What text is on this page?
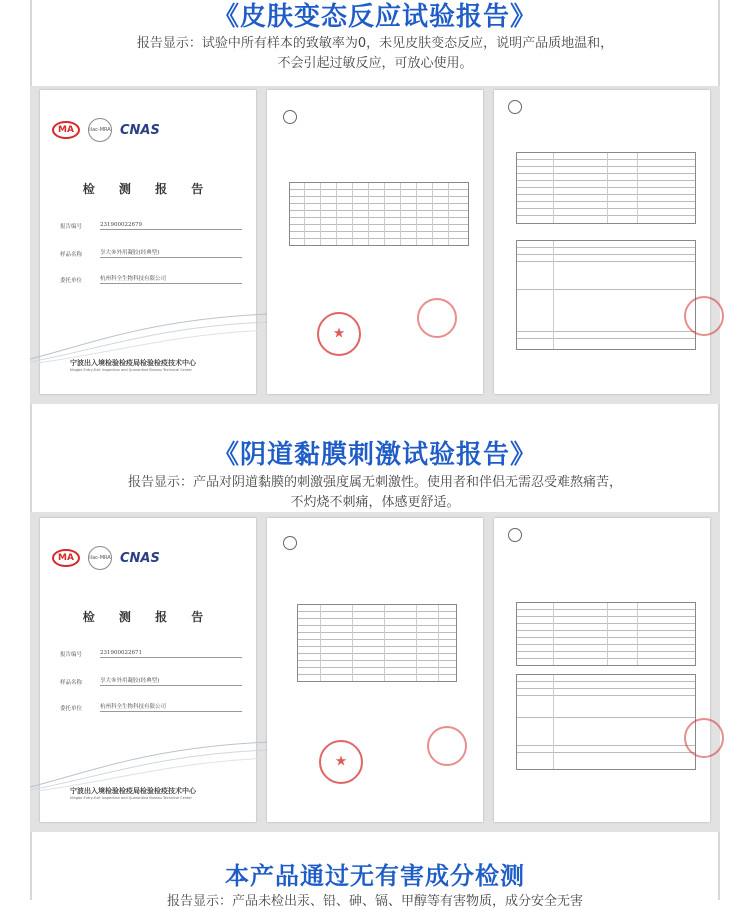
《皮肤变态反应试验报告》
报告显示：试验中所有样本的致敏率为0，未见皮肤变态反应，说明产品质地温和，
不会引起过敏反应，可放心使用。
MA	ilac-MRA CNAS
检 测 报 告
报告编号	231900022679
样品名称	享大®外用凝胶(经典型)
委托单位	杭州科全生物科技有限公司
宁波出入境检验检疫局检验检疫技术中心
Ningbo Entry-Exit Inspection and Quarantine Bureau Technical Center
★
《阴道黏膜刺激试验报告》
报告显示：产品对阴道黏膜的刺激强度属无刺激性。使用者和伴侣无需忍受难熬痛苦，
不灼烧不刺痛，体感更舒适。
MA	ilac-MRA CNAS
检 测 报 告
报告编号	231900022671
样品名称	享大®外用凝胶(经典型)
委托单位	杭州科全生物科技有限公司
宁波出入境检验检疫局检验检疫技术中心
Ningbo Entry-Exit Inspection and Quarantine Bureau Technical Center
★
本产品通过无有害成分检测
报告显示：产品未检出汞、铅、砷、镉、甲醇等有害物质，成分安全无害
